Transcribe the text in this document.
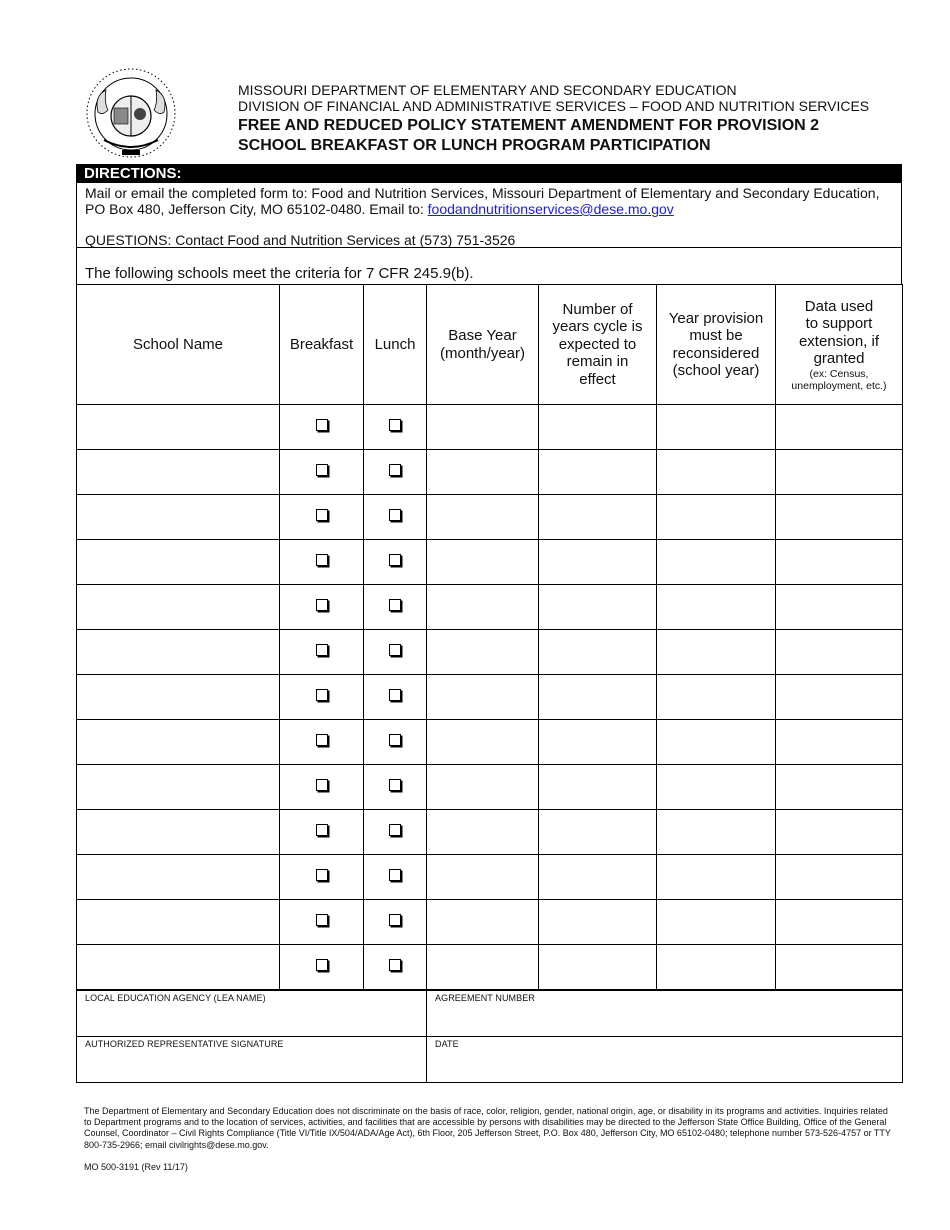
MISSOURI DEPARTMENT OF ELEMENTARY AND SECONDARY EDUCATION
DIVISION OF FINANCIAL AND ADMINISTRATIVE SERVICES – FOOD AND NUTRITION SERVICES
FREE AND REDUCED POLICY STATEMENT AMENDMENT FOR PROVISION 2
SCHOOL BREAKFAST OR LUNCH PROGRAM PARTICIPATION
DIRECTIONS:
Mail or email the completed form to: Food and Nutrition Services, Missouri Department of Elementary and Secondary Education, PO Box 480, Jefferson City, MO 65102-0480. Email to: foodandnutritionservices@dese.mo.gov
QUESTIONS: Contact Food and Nutrition Services at (573) 751-3526
The following schools meet the criteria for 7 CFR 245.9(b).
School Name	Breakfast	Lunch	Base Year (month/year)	Number of years cycle is expected to remain in effect	Year provision must be reconsidered (school year)	Data used to support extension, if granted
(ex: Census, unemployment, etc.)

LOCAL EDUCATION AGENCY (LEA NAME)	AGREEMENT NUMBER
AUTHORIZED REPRESENTATIVE SIGNATURE	DATE
The Department of Elementary and Secondary Education does not discriminate on the basis of race, color, religion, gender, national origin, age, or disability in its programs and activities. Inquiries related to Department programs and to the location of services, activities, and facilities that are accessible by persons with disabilities may be directed to the Jefferson State Office Building, Office of the General Counsel, Coordinator – Civil Rights Compliance (Title VI/Title IX/504/ADA/Age Act), 6th Floor, 205 Jefferson Street, P.O. Box 480, Jefferson City, MO 65102-0480; telephone number 573-526-4757 or TTY 800-735-2966; email civilrights@dese.mo.gov.
MO 500-3191 (Rev 11/17)
